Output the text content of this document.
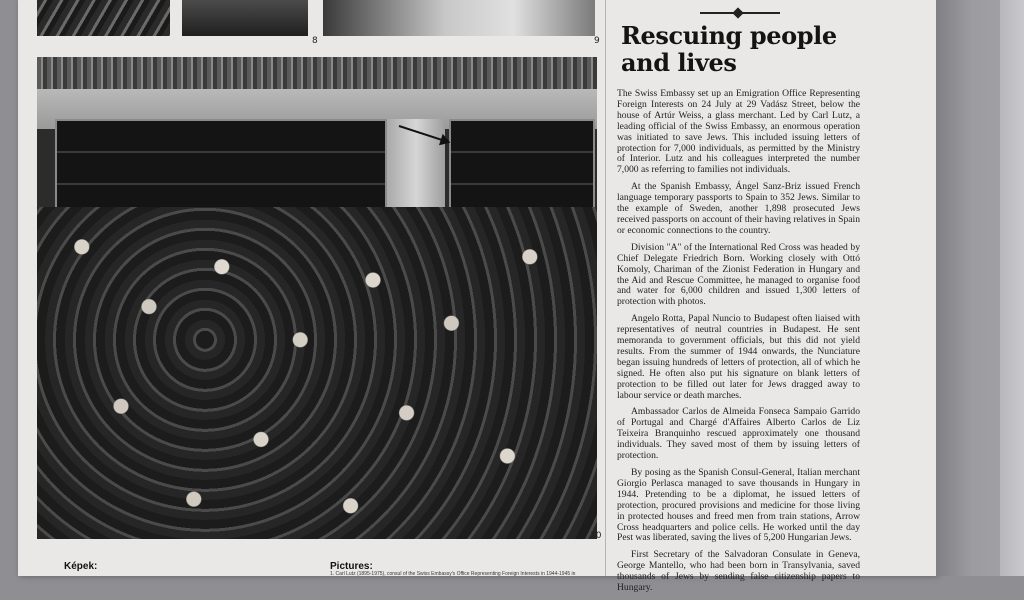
8	9
10
Képek:	Pictures:
1. Carl Lutz (1895-1975), consul of the Swiss Embassy's Office Representing Foreign Interests in 1944-1945 in
Rescuing people and lives

The Swiss Embassy set up an Emigration Office Representing Foreign Interests on 24 July at 29 Vadász Street, below the house of Artúr Weiss, a glass merchant. Led by Carl Lutz, a leading official of the Swiss Embassy, an enormous operation was initiated to save Jews. This included issuing letters of protection for 7,000 individuals, as permitted by the Ministry of Interior. Lutz and his colleagues interpreted the number 7,000 as referring to families not individuals.

At the Spanish Embassy, Ángel Sanz-Briz issued French language temporary passports to Spain to 352 Jews. Similar to the example of Sweden, another 1,898 prosecuted Jews received passports on account of their having relatives in Spain or economic connections to the country.

Division "A" of the International Red Cross was headed by Chief Delegate Friedrich Born. Working closely with Ottó Komoly, Chariman of the Zionist Federation in Hungary and the Aid and Rescue Committee, he managed to organise food and water for 6,000 children and issued 1,300 letters of protection with photos.

Angelo Rotta, Papal Nuncio to Budapest often liaised with representatives of neutral countries in Budapest. He sent memoranda to government officials, but this did not yield results. From the summer of 1944 onwards, the Nunciature began issuing hundreds of letters of protection, all of which he signed. He often also put his signature on blank letters of protection to be filled out later for Jews dragged away to labour service or death marches.

Ambassador Carlos de Almeida Fonseca Sampaio Garrido of Portugal and Chargé d'Affaires Alberto Carlos de Liz Teixeira Branquinho rescued approximately one thousand individuals. They saved most of them by issuing letters of protection.

By posing as the Spanish Consul-General, Italian merchant Giorgio Perlasca managed to save thousands in Hungary in 1944. Pretending to be a diplomat, he issued letters of protection, procured provisions and medicine for those living in protected houses and freed men from train stations, Arrow Cross headquarters and police cells. He worked until the day Pest was liberated, saving the lives of 5,200 Hungarian Jews.

First Secretary of the Salvadoran Consulate in Geneva, George Mantello, who had been born in Transylvania, saved thousands of Jews by sending false citizenship papers to Hungary.
